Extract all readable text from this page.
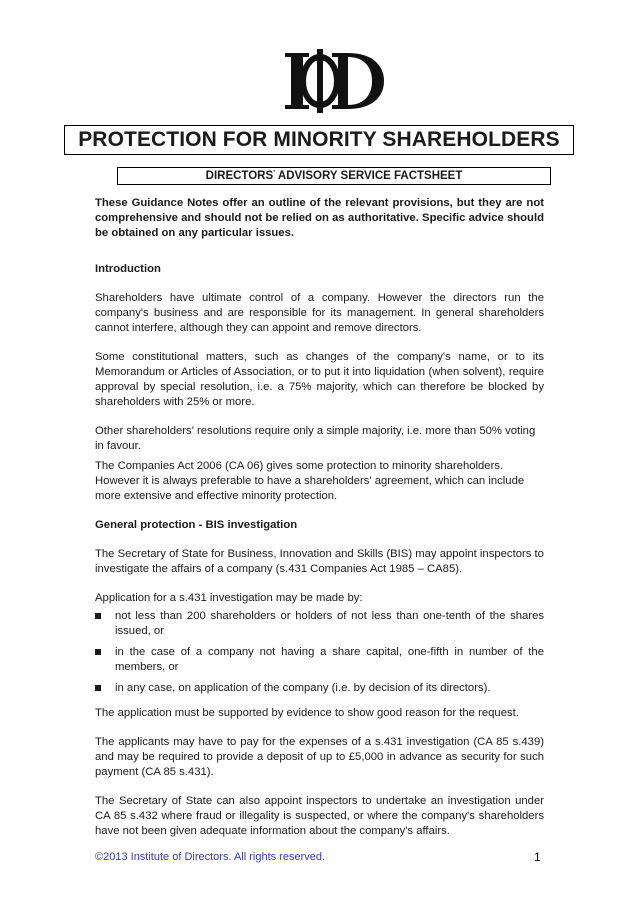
PROTECTION FOR MINORITY SHAREHOLDERS
DIRECTORS’ ADVISORY SERVICE FACTSHEET

These Guidance Notes offer an outline of the relevant provisions, but they are not comprehensive and should not be relied on as authoritative. Specific advice should be obtained on any particular issues.

Introduction

Shareholders have ultimate control of a company. However the directors run the company's business and are responsible for its management. In general shareholders cannot interfere, although they can appoint and remove directors.

Some constitutional matters, such as changes of the company's name, or to its Memorandum or Articles of Association, or to put it into liquidation (when solvent), require approval by special resolution, i.e. a 75% majority, which can therefore be blocked by shareholders with 25% or more.

Other shareholders' resolutions require only a simple majority, i.e. more than 50% voting in favour.

The Companies Act 2006 (CA 06) gives some protection to minority shareholders. However it is always preferable to have a shareholders' agreement, which can include more extensive and effective minority protection.

General protection - BIS investigation

The Secretary of State for Business, Innovation and Skills (BIS) may appoint inspectors to investigate the affairs of a company (s.431 Companies Act 1985 – CA85).

Application for a s.431 investigation may be made by:

not less than 200 shareholders or holders of not less than one-tenth of the shares issued, or
in the case of a company not having a share capital, one-fifth in number of the members, or
in any case, on application of the company (i.e. by decision of its directors).

The application must be supported by evidence to show good reason for the request.

The applicants may have to pay for the expenses of a s.431 investigation (CA 85 s.439) and may be required to provide a deposit of up to £5,000 in advance as security for such payment (CA 85 s.431).

The Secretary of State can also appoint inspectors to undertake an investigation under CA 85 s.432 where fraud or illegality is suspected, or where the company's shareholders have not been given adequate information about the company's affairs.

©2013 Institute of Directors. All rights reserved.	1
